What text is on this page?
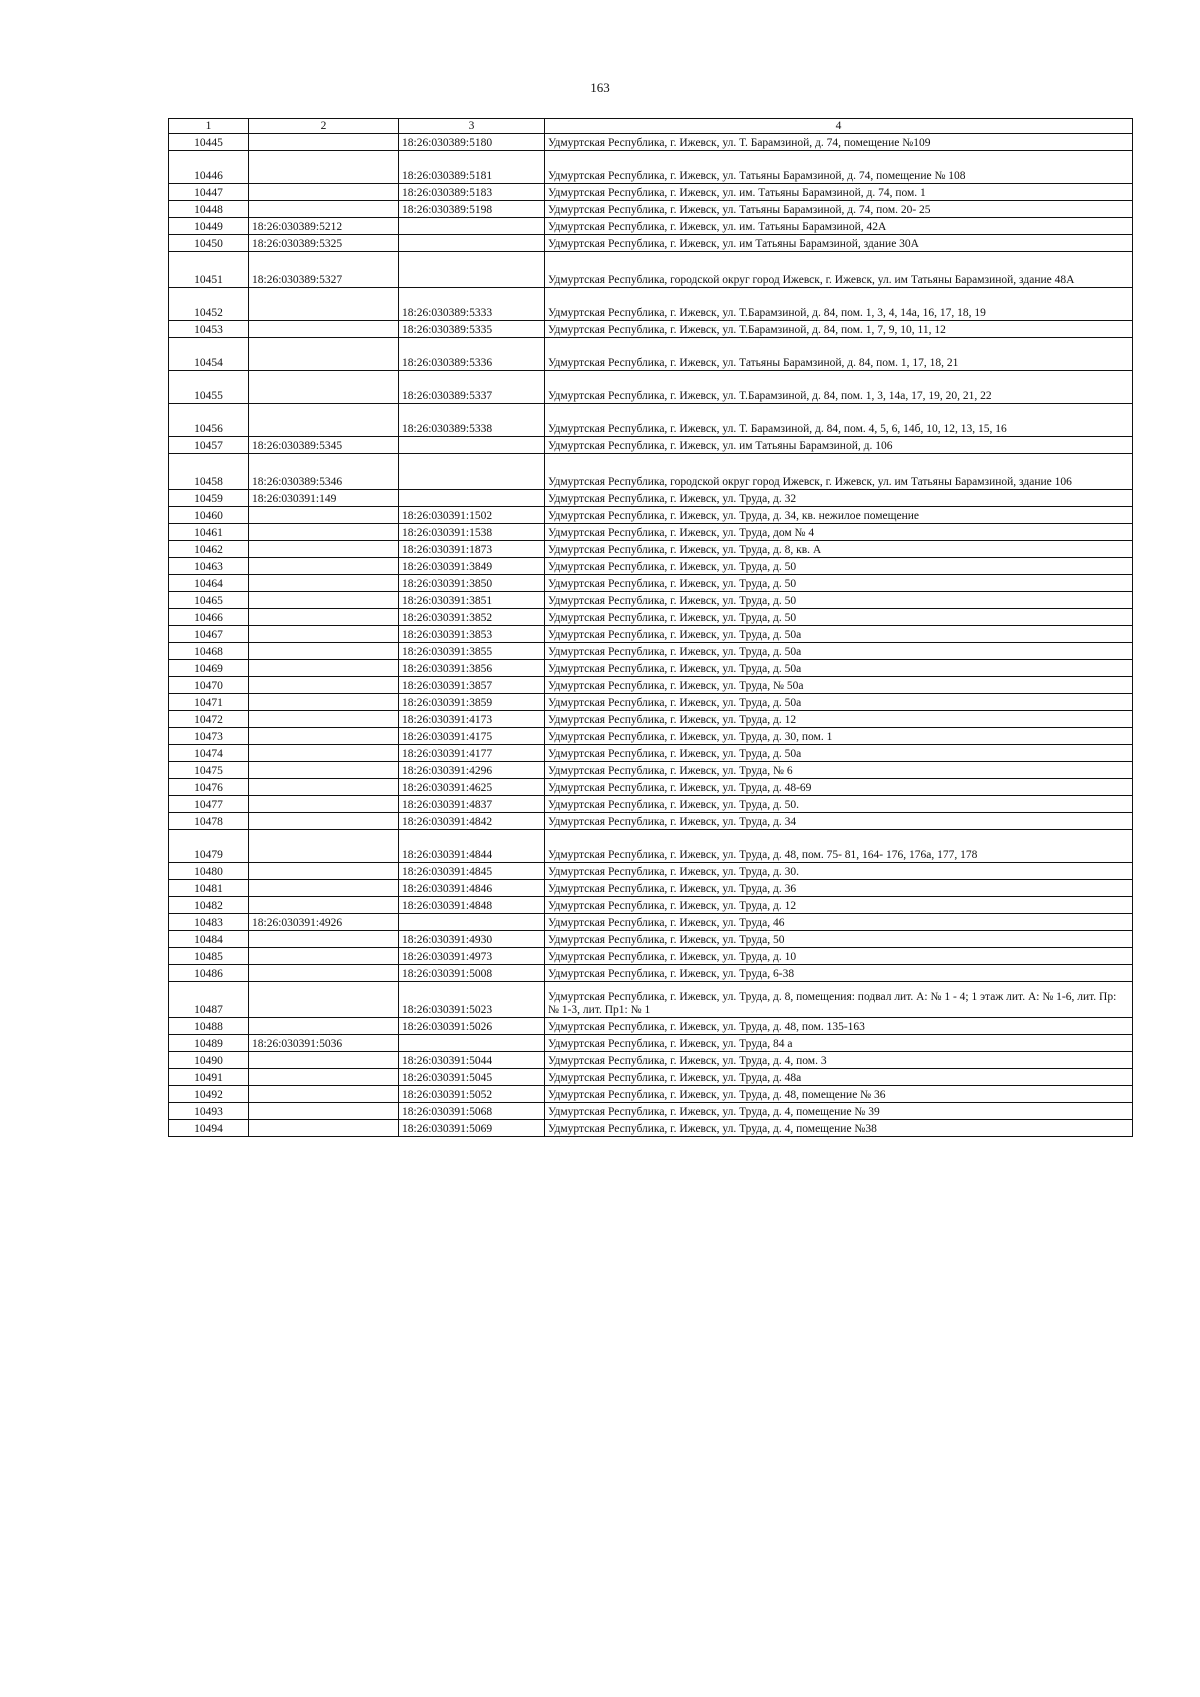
163
1	2	3	4
10445		18:26:030389:5180	Удмуртская Республика, г. Ижевск, ул. Т. Барамзиной, д. 74, помещение №109
10446		18:26:030389:5181	Удмуртская Республика, г. Ижевск, ул. Татьяны Барамзиной, д. 74, помещение № 108
10447		18:26:030389:5183	Удмуртская Республика, г. Ижевск, ул. им. Татьяны Барамзиной, д. 74, пом. 1
10448		18:26:030389:5198	Удмуртская Республика, г. Ижевск, ул. Татьяны Барамзиной, д. 74, пом. 20- 25
10449	18:26:030389:5212		Удмуртская Республика, г. Ижевск, ул. им. Татьяны Барамзиной, 42А
10450	18:26:030389:5325		Удмуртская Республика, г. Ижевск, ул. им Татьяны Барамзиной, здание 30А
10451	18:26:030389:5327		Удмуртская Республика, городской округ город Ижевск, г. Ижевск, ул. им Татьяны Барамзиной, здание 48А
10452		18:26:030389:5333	Удмуртская Республика, г. Ижевск, ул. Т.Барамзиной, д. 84, пом. 1, 3, 4, 14а, 16, 17, 18, 19
10453		18:26:030389:5335	Удмуртская Республика, г. Ижевск, ул. Т.Барамзиной, д. 84, пом. 1, 7, 9, 10, 11, 12
10454		18:26:030389:5336	Удмуртская Республика, г. Ижевск, ул. Татьяны Барамзиной, д. 84, пом. 1, 17, 18, 21
10455		18:26:030389:5337	Удмуртская Республика, г. Ижевск, ул. Т.Барамзиной, д. 84, пом. 1, 3, 14а, 17, 19, 20, 21, 22
10456		18:26:030389:5338	Удмуртская Республика, г. Ижевск, ул. Т. Барамзиной, д. 84, пом. 4, 5, 6, 14б, 10, 12, 13, 15, 16
10457	18:26:030389:5345		Удмуртская Республика, г. Ижевск, ул. им Татьяны Барамзиной, д. 106
10458	18:26:030389:5346		Удмуртская Республика, городской округ город Ижевск, г. Ижевск, ул. им Татьяны Барамзиной, здание 106
10459	18:26:030391:149		Удмуртская Республика, г. Ижевск, ул. Труда, д. 32
10460		18:26:030391:1502	Удмуртская Республика, г. Ижевск, ул. Труда, д. 34, кв. нежилое помещение
10461		18:26:030391:1538	Удмуртская Республика, г. Ижевск, ул. Труда, дом № 4
10462		18:26:030391:1873	Удмуртская Республика, г. Ижевск, ул. Труда, д. 8, кв. А
10463		18:26:030391:3849	Удмуртская Республика, г. Ижевск, ул. Труда, д. 50
10464		18:26:030391:3850	Удмуртская Республика, г. Ижевск, ул. Труда, д. 50
10465		18:26:030391:3851	Удмуртская Республика, г. Ижевск, ул. Труда, д. 50
10466		18:26:030391:3852	Удмуртская Республика, г. Ижевск, ул. Труда, д. 50
10467		18:26:030391:3853	Удмуртская Республика, г. Ижевск, ул. Труда, д. 50а
10468		18:26:030391:3855	Удмуртская Республика, г. Ижевск, ул. Труда, д. 50а
10469		18:26:030391:3856	Удмуртская Республика, г. Ижевск, ул. Труда, д. 50а
10470		18:26:030391:3857	Удмуртская Республика, г. Ижевск, ул. Труда, № 50а
10471		18:26:030391:3859	Удмуртская Республика, г. Ижевск, ул. Труда, д. 50а
10472		18:26:030391:4173	Удмуртская Республика, г. Ижевск, ул. Труда, д. 12
10473		18:26:030391:4175	Удмуртская Республика, г. Ижевск, ул. Труда, д. 30, пом. 1
10474		18:26:030391:4177	Удмуртская Республика, г. Ижевск, ул. Труда, д. 50а
10475		18:26:030391:4296	Удмуртская Республика, г. Ижевск, ул. Труда, № 6
10476		18:26:030391:4625	Удмуртская Республика, г. Ижевск, ул. Труда, д. 48-69
10477		18:26:030391:4837	Удмуртская Республика, г. Ижевск, ул. Труда, д. 50.
10478		18:26:030391:4842	Удмуртская Республика, г. Ижевск, ул. Труда, д. 34
10479		18:26:030391:4844	Удмуртская Республика, г. Ижевск, ул. Труда, д. 48, пом. 75- 81, 164- 176, 176а, 177, 178
10480		18:26:030391:4845	Удмуртская Республика, г. Ижевск, ул. Труда, д. 30.
10481		18:26:030391:4846	Удмуртская Республика, г. Ижевск, ул. Труда, д. 36
10482		18:26:030391:4848	Удмуртская Республика, г. Ижевск, ул. Труда, д. 12
10483	18:26:030391:4926		Удмуртская Республика, г. Ижевск, ул. Труда, 46
10484		18:26:030391:4930	Удмуртская Республика, г. Ижевск, ул. Труда, 50
10485		18:26:030391:4973	Удмуртская Республика, г. Ижевск, ул. Труда, д. 10
10486		18:26:030391:5008	Удмуртская Республика, г. Ижевск, ул. Труда, 6-38
10487		18:26:030391:5023	Удмуртская Республика, г. Ижевск, ул. Труда, д. 8, помещения: подвал лит. А: № 1 - 4; 1 этаж лит. А: № 1-6, лит. Пр: № 1-3, лит. Пр1: № 1
10488		18:26:030391:5026	Удмуртская Республика, г. Ижевск, ул. Труда, д. 48, пом. 135-163
10489	18:26:030391:5036		Удмуртская Республика, г. Ижевск, ул. Труда, 84 а
10490		18:26:030391:5044	Удмуртская Республика, г. Ижевск, ул. Труда, д. 4, пом. 3
10491		18:26:030391:5045	Удмуртская Республика, г. Ижевск, ул. Труда, д. 48а
10492		18:26:030391:5052	Удмуртская Республика, г. Ижевск, ул. Труда, д. 48, помещение № 36
10493		18:26:030391:5068	Удмуртская Республика, г. Ижевск, ул. Труда, д. 4, помещение № 39
10494		18:26:030391:5069	Удмуртская Республика, г. Ижевск, ул. Труда, д. 4, помещение №38
